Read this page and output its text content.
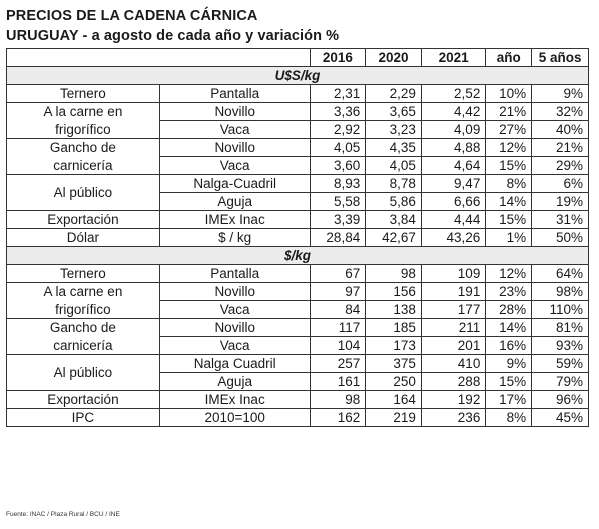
PRECIOS DE LA CADENA CÁRNICA
URUGUAY - a agosto de cada año y variación %
		2016	2020	2021	año	5 años
U$S/kg						
Ternero	Pantalla	2,31	2,29	2,52	10%	9%
A la carne en	Novillo	3,36	3,65	4,42	21%	32%
frigorífico	Vaca	2,92	3,23	4,09	27%	40%
Gancho de	Novillo	4,05	4,35	4,88	12%	21%
carnicería	Vaca	3,60	4,05	4,64	15%	29%
Al público	Nalga-Cuadril	8,93	8,78	9,47	8%	6%
	Aguja	5,58	5,86	6,66	14%	19%
Exportación	IMEx Inac	3,39	3,84	4,44	15%	31%
Dólar	$ / kg	28,84	42,67	43,26	1%	50%
$/kg						
Ternero	Pantalla	67	98	109	12%	64%
A la carne en	Novillo	97	156	191	23%	98%
frigorífico	Vaca	84	138	177	28%	110%
Gancho de	Novillo	117	185	211	14%	81%
carnicería	Vaca	104	173	201	16%	93%
Al público	Nalga Cuadril	257	375	410	9%	59%
	Aguja	161	250	288	15%	79%
Exportación	IMEx Inac	98	164	192	17%	96%
IPC	2010=100	162	219	236	8%	45%
Fuente: INAC / Plaza Rural / BCU / INE
